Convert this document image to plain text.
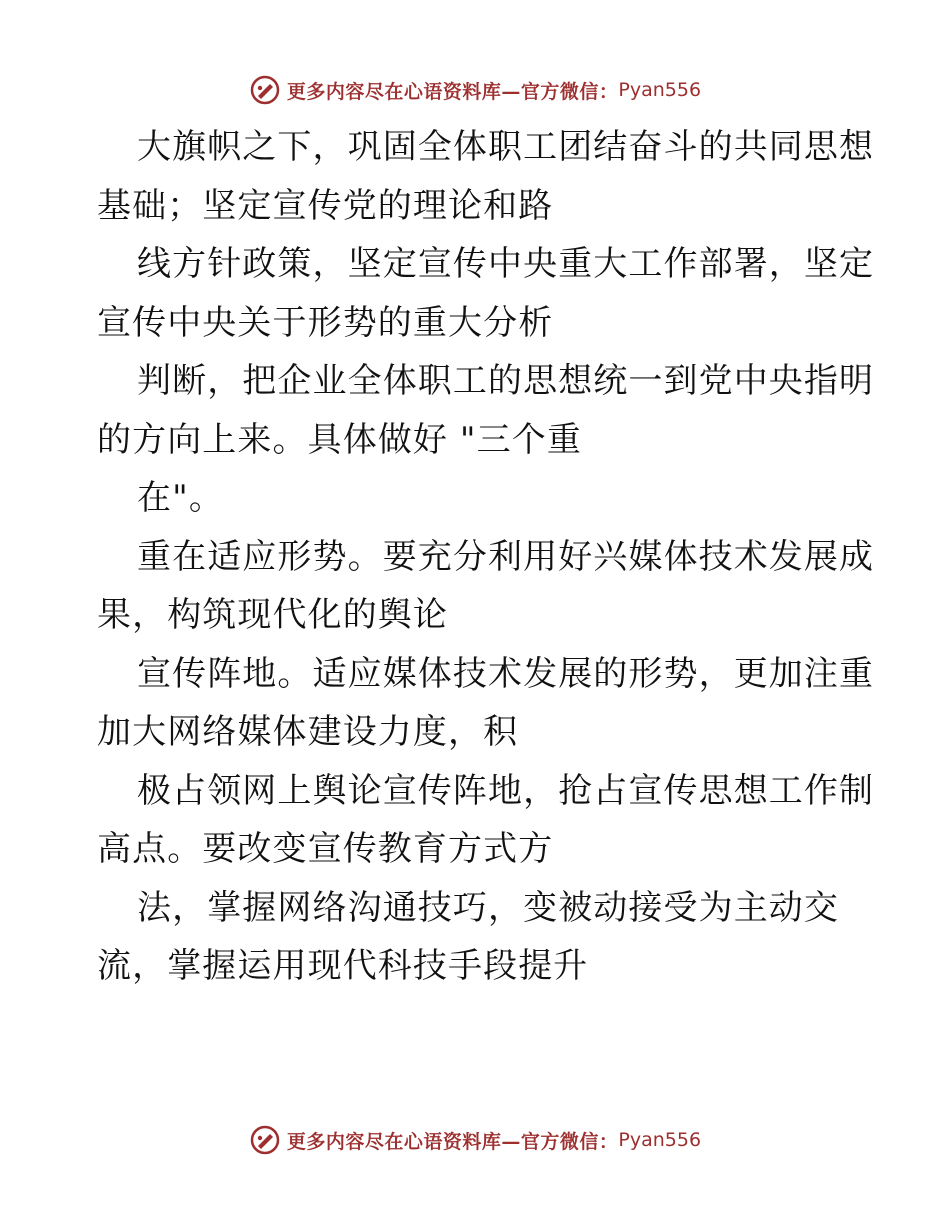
更多内容尽在心语资料库—官方微信： Pyan556
大旗帜之下，巩固全体职工团结奋斗的共同思想
基础；坚定宣传党的理论和路
线方针政策，坚定宣传中央重大工作部署，坚定
宣传中央关于形势的重大分析
判断，把企业全体职工的思想统一到党中央指明
的方向上来。具体做好 "三个重
在"。
重在适应形势。要充分利用好兴媒体技术发展成
果，构筑现代化的舆论
宣传阵地。适应媒体技术发展的形势，更加注重
加大网络媒体建设力度，积
极占领网上舆论宣传阵地，抢占宣传思想工作制
高点。要改变宣传教育方式方
法，掌握网络沟通技巧，变被动接受为主动交
流，掌握运用现代科技手段提升
更多内容尽在心语资料库—官方微信： Pyan556
